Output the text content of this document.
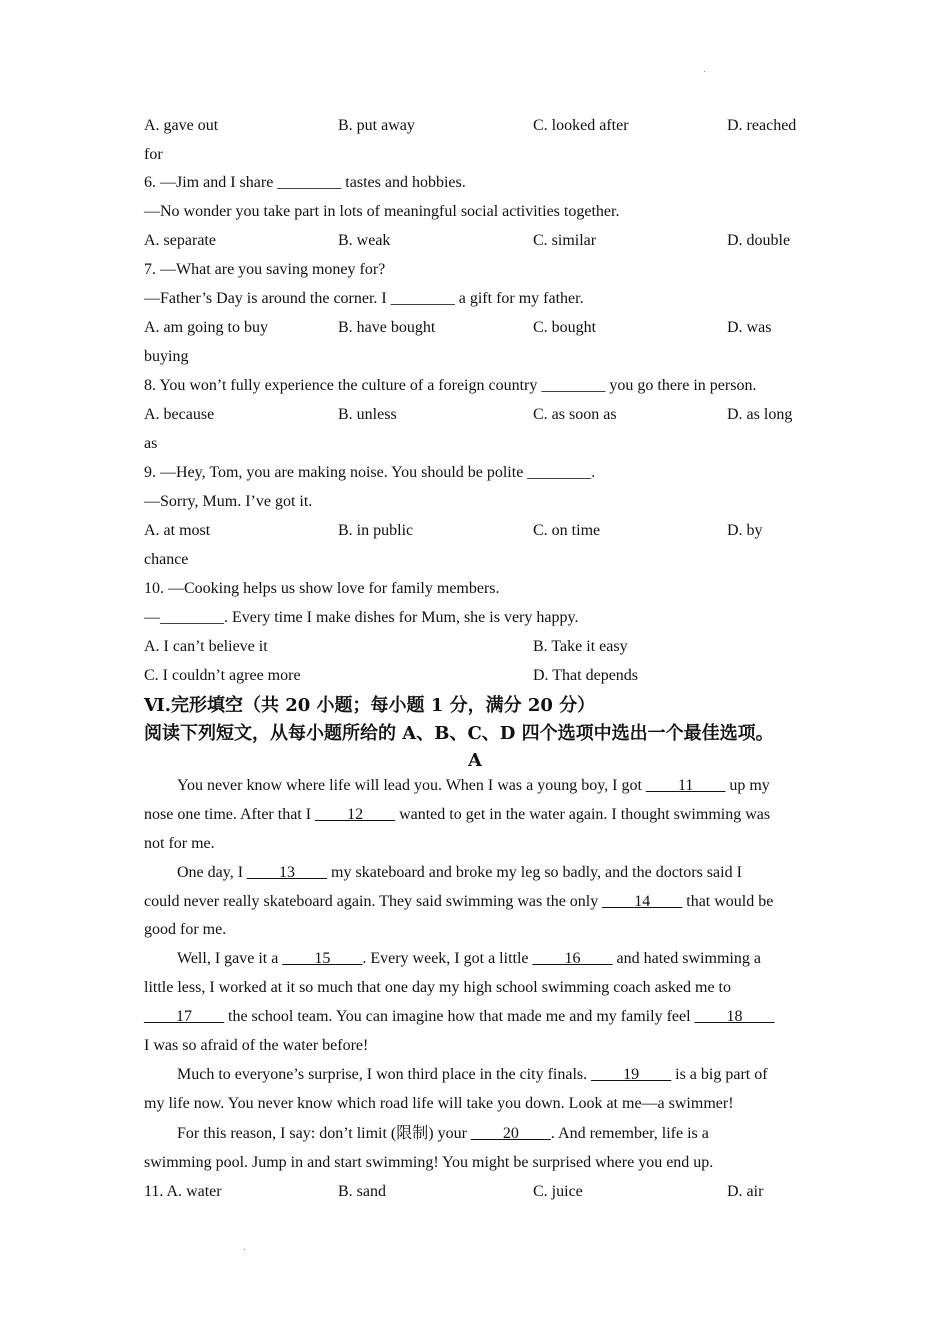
A. gave out	B. put away	C. looked after	D. reached
for
6. —Jim and I share ________ tastes and hobbies.
—No wonder you take part in lots of meaningful social activities together.
A. separate	B. weak	C. similar	D. double
7. —What are you saving money for?
—Father’s Day is around the corner. I ________ a gift for my father.
A. am going to buy	B. have bought	C. bought	D. was
buying
8. You won’t fully experience the culture of a foreign country ________ you go there in person.
A. because	B. unless	C. as soon as	D. as long
as
9. —Hey, Tom, you are making noise. You should be polite ________.
—Sorry, Mum. I’ve got it.
A. at most	B. in public	C. on time	D. by
chance
10. —Cooking helps us show love for family members.
—________. Every time I make dishes for Mum, she is very happy.
A. I can’t believe it	B. Take it easy
C. I couldn’t agree more	D. That depends
Ⅵ.完形填空（共 20 小题；每小题 1 分，满分 20 分）
阅读下列短文，从每小题所给的 A、B、C、D 四个选项中选出一个最佳选项。
A
You never know where life will lead you. When I was a young boy, I got ____11____ up my
nose one time. After that I ____12____ wanted to get in the water again. I thought swimming was
not for me.
One day, I ____13____ my skateboard and broke my leg so badly, and the doctors said I
could never really skateboard again. They said swimming was the only ____14____ that would be
good for me.
Well, I gave it a ____15____. Every week, I got a little ____16____ and hated swimming a
little less, I worked at it so much that one day my high school swimming coach asked me to
____17____ the school team. You can imagine how that made me and my family feel ____18____
I was so afraid of the water before!
Much to everyone’s surprise, I won third place in the city finals. ____19____ is a big part of
my life now. You never know which road life will take you down. Look at me—a swimmer!
For this reason, I say: don’t limit (限制) your ____20____. And remember, life is a
swimming pool. Jump in and start swimming! You might be surprised where you end up.
11. A. water	B. sand	C. juice	D. air
